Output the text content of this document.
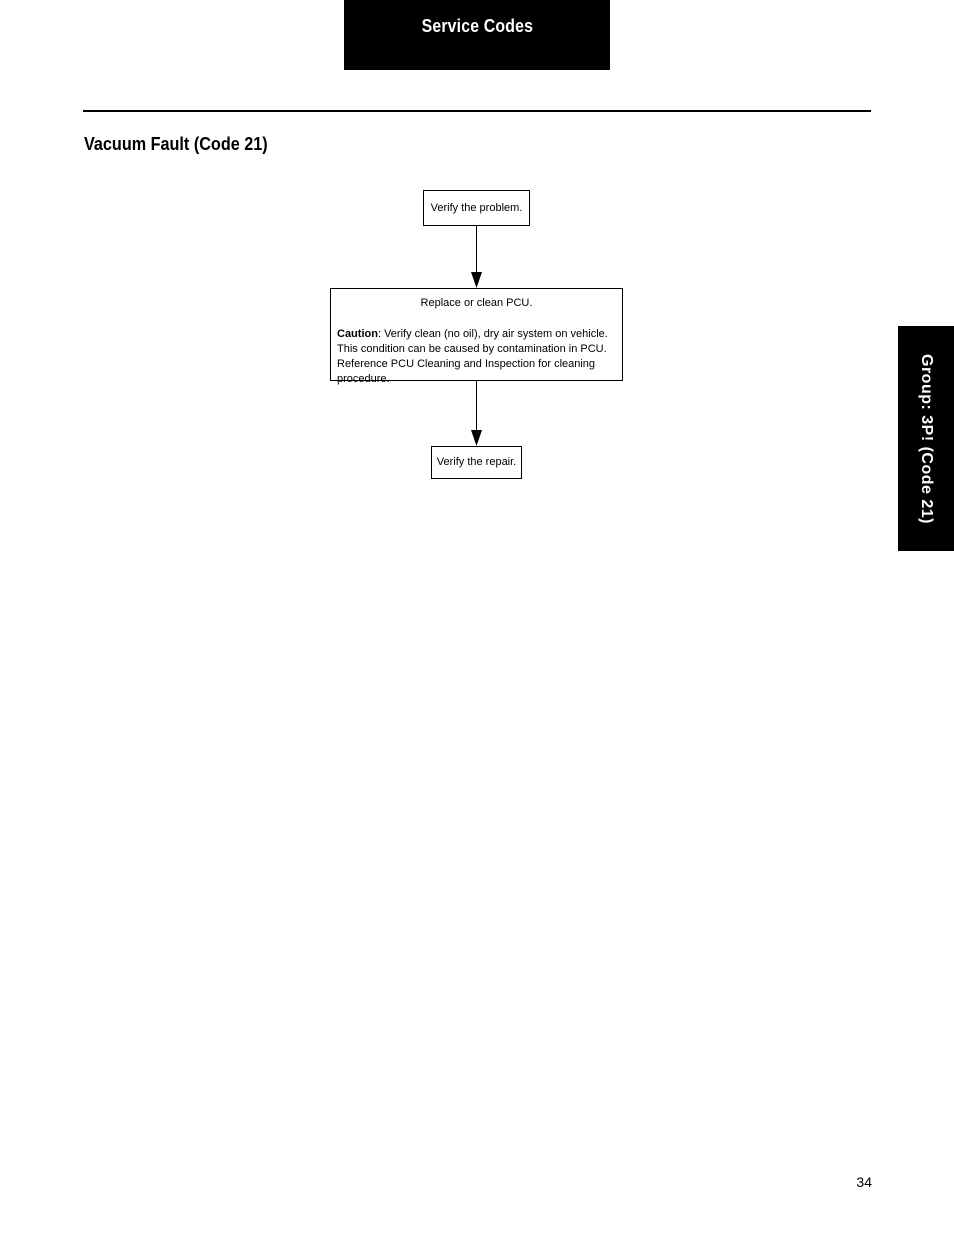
Service Codes
Vacuum Fault (Code 21)
Group: 3P! (Code 21)
Verify the problem.
Replace or clean PCU.
Caution: Verify clean (no oil), dry air system on vehicle. This condition can be caused by contamination in PCU. Reference PCU Cleaning and Inspection for cleaning procedure.
Verify the repair.
34
